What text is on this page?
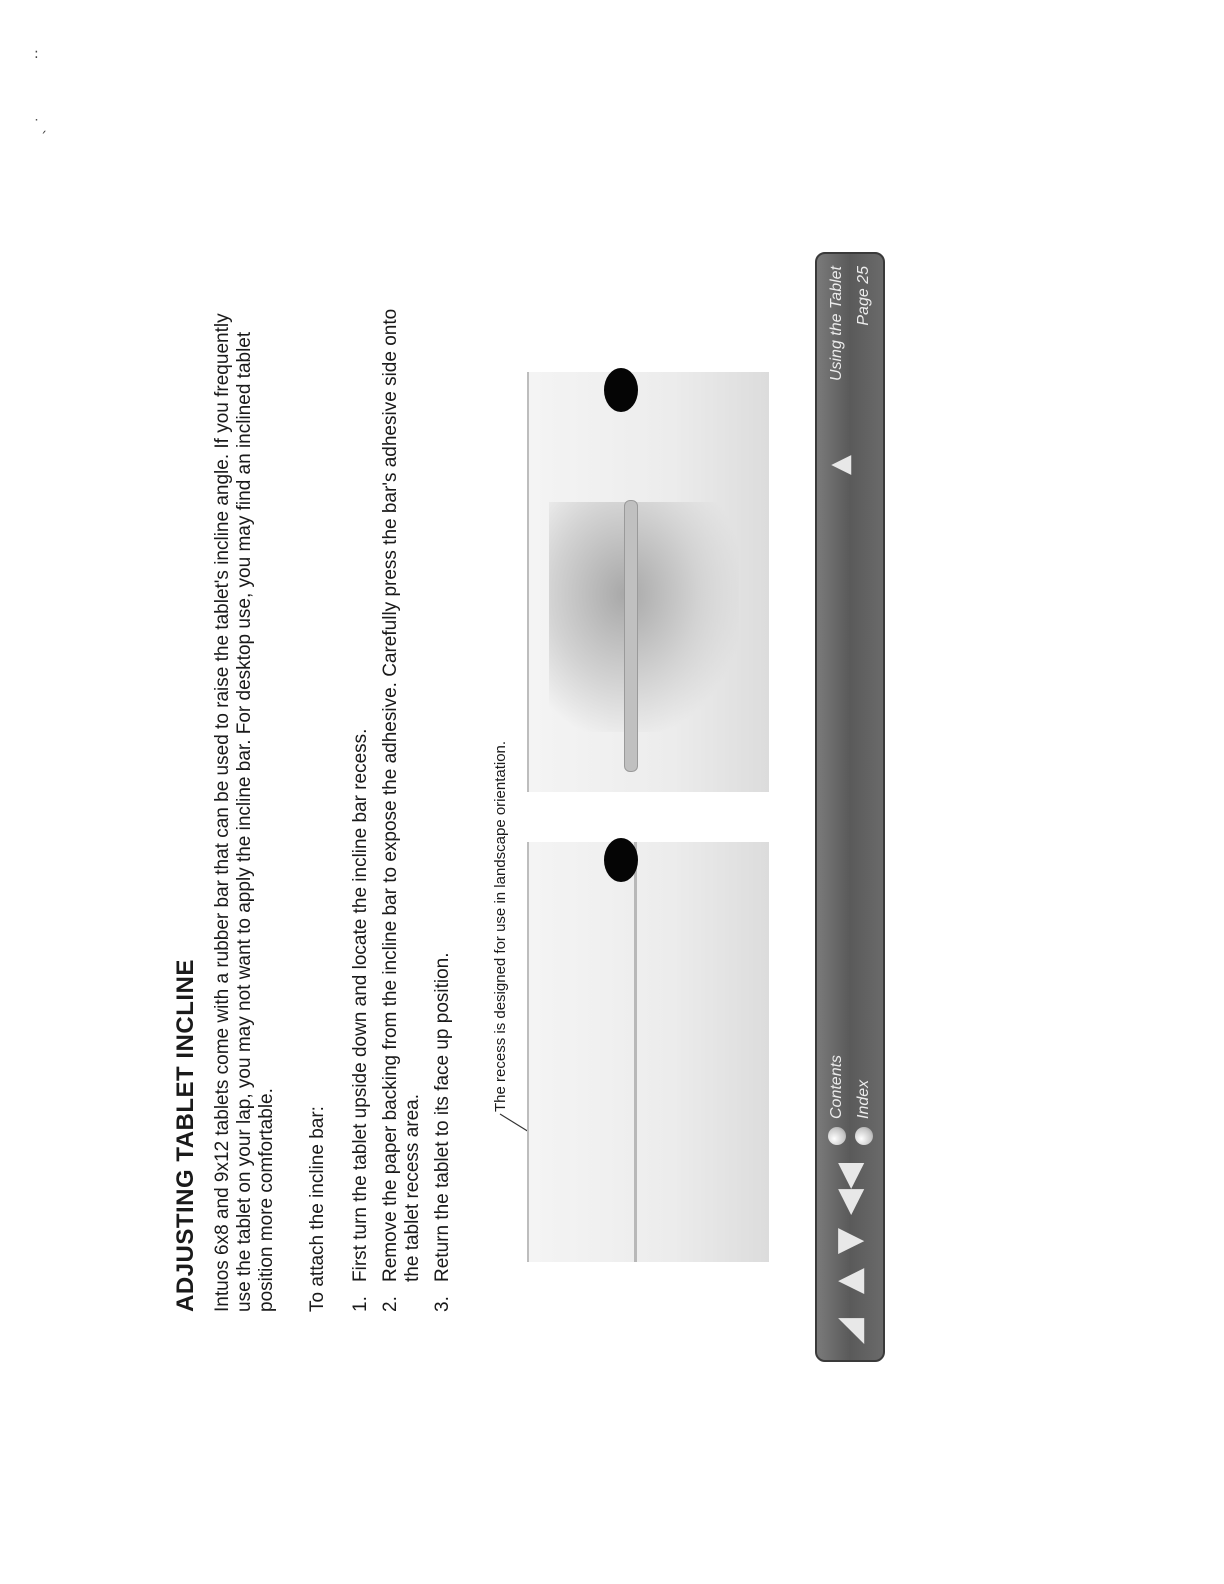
:
˙ˏ
ADJUSTING TABLET INCLINE Intuos 6x8 and 9x12 tablets come with a rubber bar that can be used to raise the tablet's incline angle. If you frequently use the tablet on your lap, you may not want to apply the incline bar. For desktop use, you may find an inclined tablet position more comfortable. To attach the incline bar: 1.
First turn the tablet upside down and locate the incline bar recess.
2.
Remove the paper backing from the incline bar to expose the adhesive. Carefully press the bar's adhesive side onto the tablet recess area.
3.
Return the tablet to its face up position.
The recess is designed for use in landscape orientation.
◢
▲
▼
◀◀
Contents Index
▲
Using the Tablet Page 25
